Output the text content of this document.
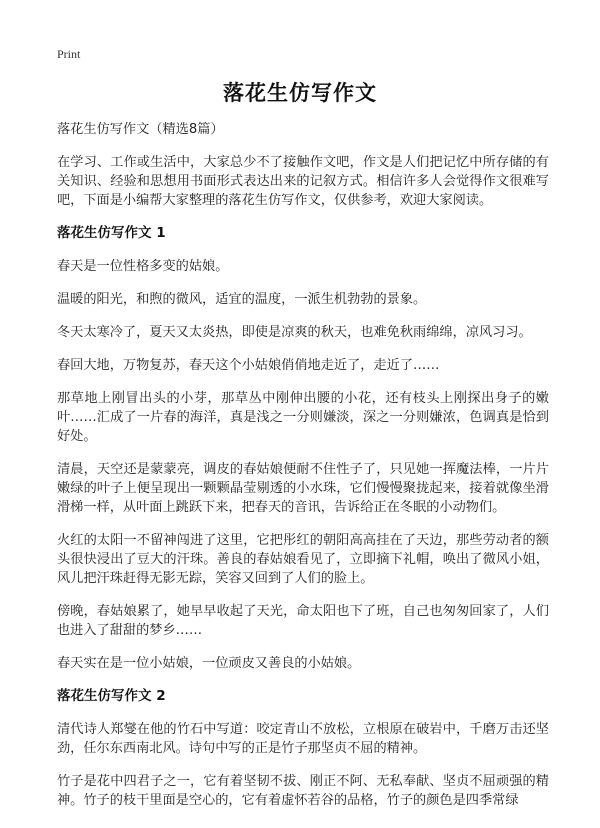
Print
落花生仿写作文

落花生仿写作文（精选8篇）

在学习、工作或生活中，大家总少不了接触作文吧，作文是人们把记忆中所存储的有关知识、经验和思想用书面形式表达出来的记叙方式。相信许多人会觉得作文很难写吧，下面是小编帮大家整理的落花生仿写作文，仅供参考，欢迎大家阅读。

落花生仿写作文 1

春天是一位性格多变的姑娘。

温暖的阳光，和煦的微风，适宜的温度，一派生机勃勃的景象。

冬天太寒冷了，夏天又太炎热，即使是凉爽的秋天，也难免秋雨绵绵，凉风习习。

春回大地，万物复苏，春天这个小姑娘俏俏地走近了，走近了……

那草地上刚冒出头的小芽，那草丛中刚伸出腰的小花，还有枝头上刚探出身子的嫩叶……汇成了一片春的海洋，真是浅之一分则嫌淡，深之一分则嫌浓，色调真是恰到好处。

清晨，天空还是蒙蒙亮，调皮的春姑娘便耐不住性子了，只见她一挥魔法棒，一片片嫩绿的叶子上便呈现出一颗颗晶莹剔透的小水珠，它们慢慢聚拢起来，接着就像坐滑滑梯一样，从叶面上跳跃下来，把春天的音讯，告诉给正在冬眠的小动物们。

火红的太阳一不留神闯进了这里，它把彤红的朝阳高高挂在了天边，那些劳动者的额头很快浸出了豆大的汗珠。善良的春姑娘看见了，立即摘下礼帽，唤出了微风小姐，风儿把汗珠赶得无影无踪，笑容又回到了人们的脸上。

傍晚，春姑娘累了，她早早收起了天光，命太阳也下了班，自己也匆匆回家了，人们也进入了甜甜的梦乡……

春天实在是一位小姑娘，一位顽皮又善良的小姑娘。

落花生仿写作文 2

清代诗人郑燮在他的竹石中写道：咬定青山不放松，立根原在破岩中，千磨万击还坚劲，任尔东西南北风。诗句中写的正是竹子那坚贞不屈的精神。

竹子是花中四君子之一，它有着坚韧不拔、刚正不阿、无私奉献、坚贞不屈顽强的精神。竹子的枝干里面是空心的，它有着虚怀若谷的品格，竹子的颜色是四季常绿
